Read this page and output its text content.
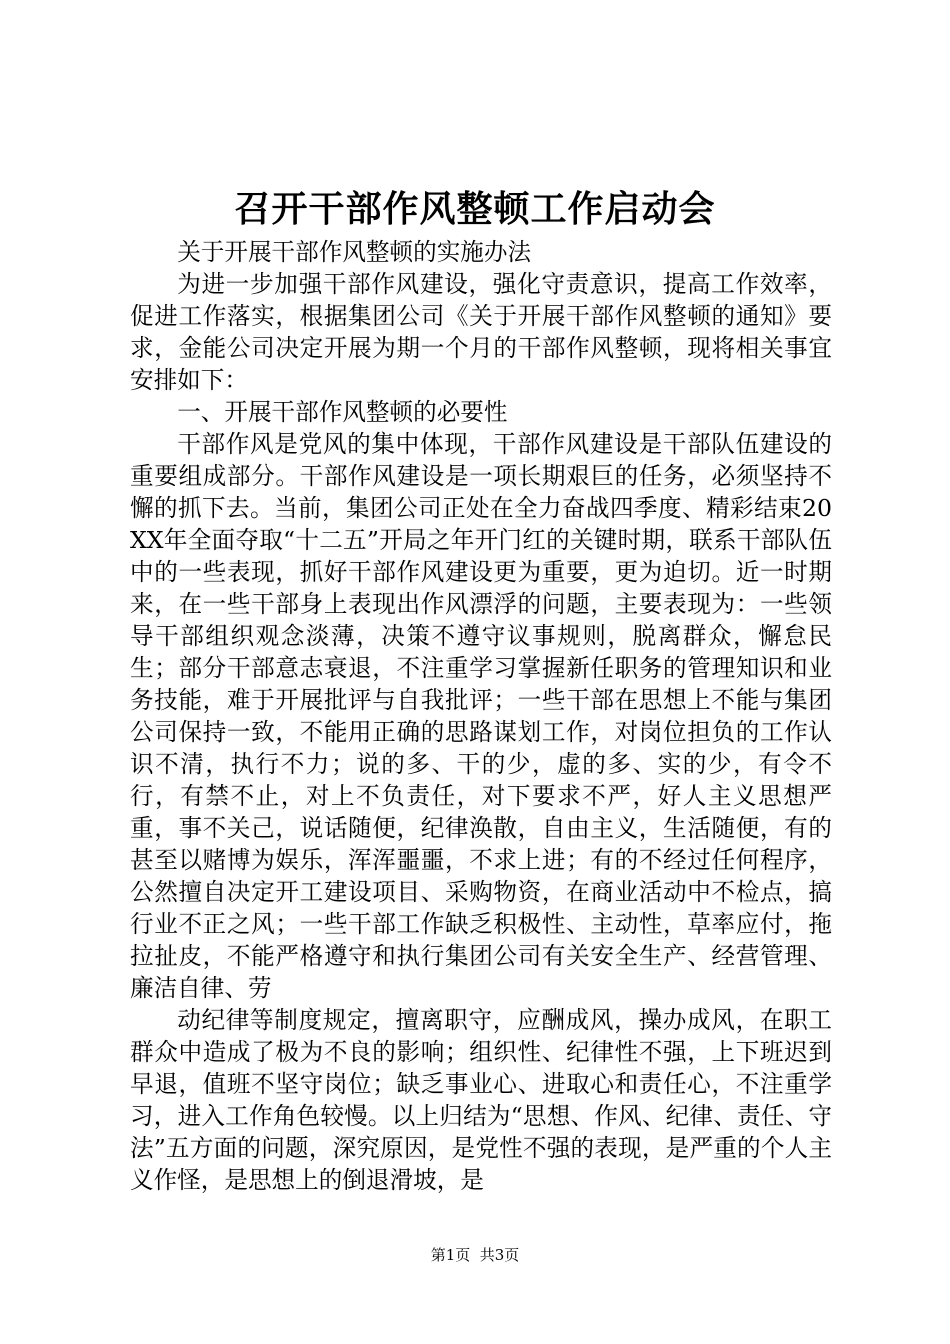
召开干部作风整顿工作启动会

关于开展干部作风整顿的实施办法

为进一步加强干部作风建设，强化守责意识，提高工作效率，促进工作落实，根据集团公司《关于开展干部作风整顿的通知》要求，金能公司决定开展为期一个月的干部作风整顿，现将相关事宜安排如下：

一、开展干部作风整顿的必要性

干部作风是党风的集中体现，干部作风建设是干部队伍建设的重要组成部分。干部作风建设是一项长期艰巨的任务，必须坚持不懈的抓下去。当前，集团公司正处在全力奋战四季度、精彩结束20XX年全面夺取“十二五”开局之年开门红的关键时期，联系干部队伍中的一些表现，抓好干部作风建设更为重要，更为迫切。近一时期来，在一些干部身上表现出作风漂浮的问题，主要表现为：一些领导干部组织观念淡薄，决策不遵守议事规则，脱离群众，懈怠民生；部分干部意志衰退，不注重学习掌握新任职务的管理知识和业务技能，难于开展批评与自我批评；一些干部在思想上不能与集团公司保持一致，不能用正确的思路谋划工作，对岗位担负的工作认识不清，执行不力；说的多、干的少，虚的多、实的少，有令不行，有禁不止，对上不负责任，对下要求不严，好人主义思想严重，事不关己，说话随便，纪律涣散，自由主义，生活随便，有的甚至以赌博为娱乐，浑浑噩噩，不求上进；有的不经过任何程序，公然擅自决定开工建设项目、采购物资，在商业活动中不检点，搞行业不正之风；一些干部工作缺乏积极性、主动性，草率应付，拖拉扯皮，不能严格遵守和执行集团公司有关安全生产、经营管理、廉洁自律、劳

动纪律等制度规定，擅离职守，应酬成风，操办成风，在职工群众中造成了极为不良的影响；组织性、纪律性不强，上下班迟到早退，值班不坚守岗位；缺乏事业心、进取心和责任心，不注重学习，进入工作角色较慢。以上归结为“思想、作风、纪律、责任、守法”五方面的问题，深究原因，是党性不强的表现，是严重的个人主义作怪，是思想上的倒退滑坡，是

第1页  共3页
